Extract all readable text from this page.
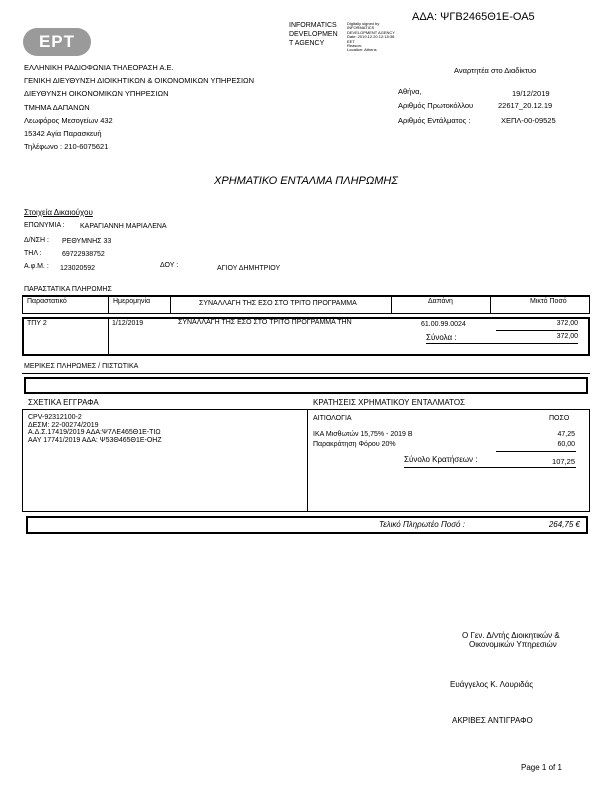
ΕΡΤ
INFORMATICS
DEVELOPMEN
T AGENCY
Digitally signed by
INFORMATICS
DEVELOPMENT AGENCY
Date: 2019.12.20 12:15:38
EET
Reason:
Location: Athens
ΑΔΑ: ΨΓΒ2465Θ1Ε-ΟΑ5
ΕΛΛΗΝΙΚΗ ΡΑΔΙΟΦΩΝΙΑ ΤΗΛΕΟΡΑΣΗ Α.Ε.
ΓΕΝΙΚΗ ΔΙΕΥΘΥΝΣΗ ΔΙΟΙΚΗΤΙΚΩΝ & ΟΙΚΟΝΟΜΙΚΩΝ ΥΠΗΡΕΣΙΩΝ
ΔΙΕΥΘΥΝΣΗ ΟΙΚΟΝΟΜΙΚΩΝ ΥΠΗΡΕΣΙΩΝ
ΤΜΗΜΑ ΔΑΠΑΝΩΝ
Λεωφόρος Μεσογείων 432
15342 Αγία Παρασκευή
Τηλέφωνο : 210-6075621
Αναρτητέα στο Διαδίκτυο
Αθήνα,	19/12/2019
Αριθμός Πρωτοκόλλου	22617_20.12.19
Αριθμός Εντάλματος :	ΧΕΠΛ-00-09525
ΧΡΗΜΑΤΙΚΟ ΕΝΤΑΛΜΑ ΠΛΗΡΩΜΗΣ
Στοιχεία Δικαιούχου
ΕΠΩΝΥΜΙΑ : ΚΑΡΑΓΙΑΝΝΗ ΜΑΡΙΑΛΕΝΑ
Δ/ΝΣΗ : ΡΕΘΥΜΝΗΣ 33
ΤΗΛ :	69722938752
Α.φ.Μ. : 123020592	ΔΟΥ :	ΑΓΙΟΥ ΔΗΜΗΤΡΙΟΥ
ΠΑΡΑΣΤΑΤΙΚΑ ΠΛΗΡΩΜΗΣ
Παραστατικό	Ημερομηνία	ΣΥΝΑΛΛΑΓΗ ΤΗΣ ΕΣΟ ΣΤΟ ΤΡΙΤΟ ΠΡΟΓΡΑΜΜΑ	Δαπάνη	Μικτό Ποσό
ΤΠΥ 2	1/12/2019	ΣΥΝΑΛΛΑΓΗ ΤΗΣ ΕΣΟ ΣΤΟ ΤΡΙΤΟ ΠΡΟΓΡΑΜΜΑ ΤΗΝ	61.00.99.0024	372,00
Σύνολα :	372,00
ΜΕΡΙΚΕΣ ΠΛΗΡΩΜΕΣ / ΠΙΣΤΩΤΙΚΑ
ΣΧΕΤΙΚΑ ΕΓΓΡΑΦΑ	ΚΡΑΤΗΣΕΙΣ ΧΡΗΜΑΤΙΚΟΥ ΕΝΤΑΛΜΑΤΟΣ
CPV-92312100-2
ΔΕΣΜ: 22-00274/2019
Α.Δ.Σ.17419/2019 ΑΔΑ:Ψ7ΛΕ465Θ1Ε-ΤΙΩ
ΑΑΥ 17741/2019 ΑΔΑ: Ψ53Θ465Θ1Ε-ΟΗΖ
ΑΙΤΙΟΛΟΓΙΑ	ΠΟΣΟ
ΙΚΑ Μισθωτών 15,75% - 2019 Β	47,25
Παρακράτηση Φόρου 20%	60,00
Σύνολο Κρατήσεων :	107,25
Τελικό Πληρωτέο Ποσό :	264,75 €
Ο Γεν. Δ/ντής Διοικητικών &
Οικονομικών Υπηρεσιών
Ευάγγελος Κ. Λουριδάς
ΑΚΡΙΒΕΣ ΑΝΤΙΓΡΑΦΟ
Page 1 of 1
